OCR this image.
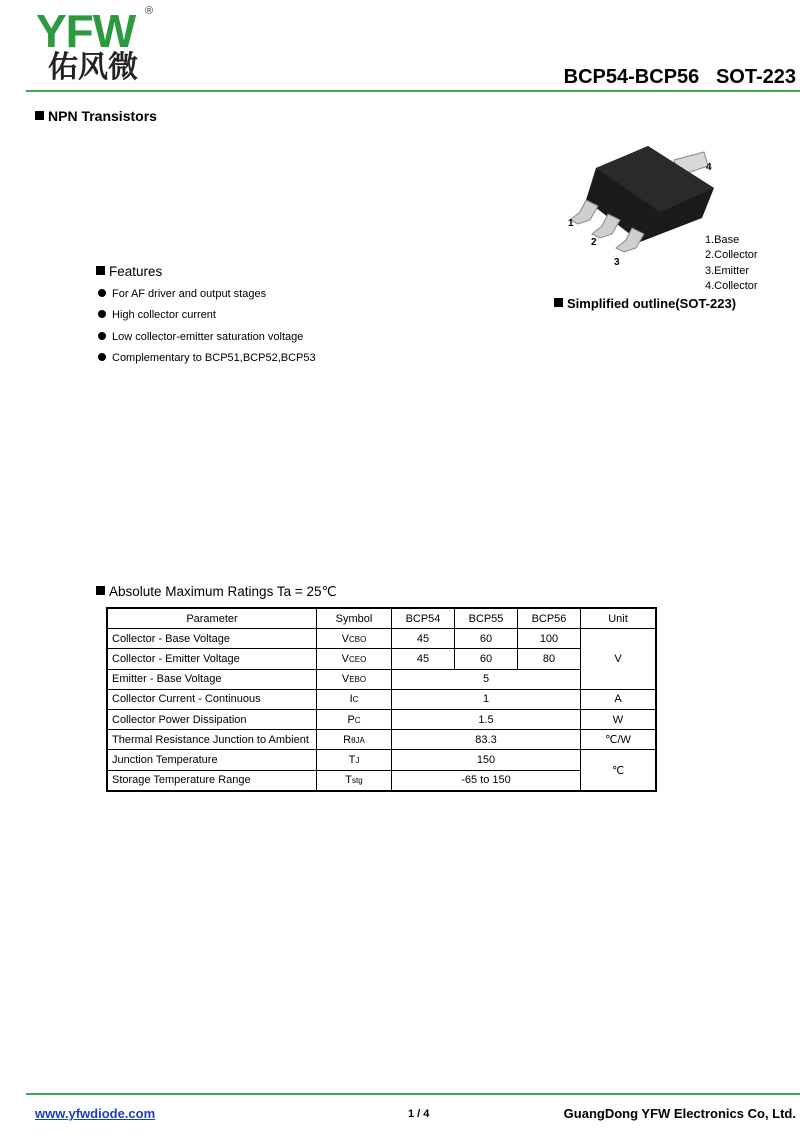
YFW ®
佑风微	BCP54-BCP56 SOT-223
NPN Transistors
1
2
3
4
1.Base
2.Collector
3.Emitter
4.Collector
Simplified outline(SOT-223)
Features
For AF driver and output stages
High collector current
Low collector-emitter saturation voltage
Complementary to BCP51,BCP52,BCP53
Absolute Maximum Ratings Ta = 25℃
Parameter	Symbol	BCP54	BCP55	BCP56	Unit
Collector - Base Voltage	VCBO	45	60	100	V
Collector - Emitter Voltage	VCEO	45	60	80	
Emitter - Base Voltage	VEBO	5			
Collector Current - Continuous	IC	1			A
Collector Power Dissipation	PC	1.5			W
Thermal Resistance Junction to Ambient	RθJA	83.3			℃/W
Junction Temperature	TJ	150			℃
Storage Temperature Range	Tstg	-65 to 150			
www.yfwdiode.com	1 / 4	GuangDong YFW Electronics Co, Ltd.
